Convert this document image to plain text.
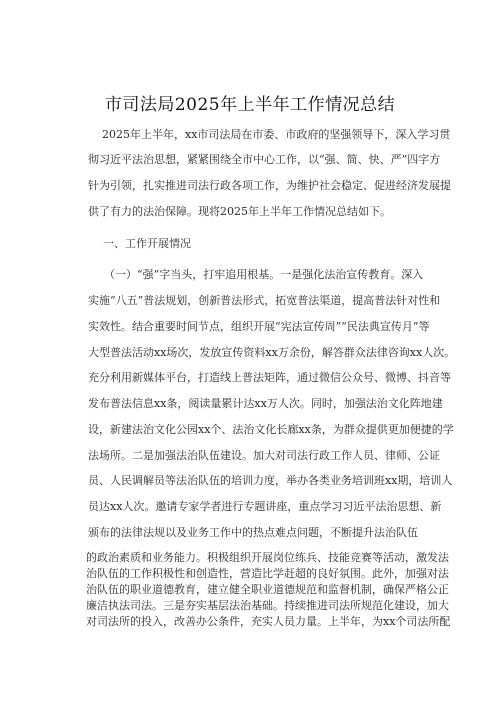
市司法局2025年上半年工作情况总结
2025年上半年，xx市司法局在市委、市政府的坚强领导下，深入学习贯
彻习近平法治思想，紧紧围绕全市中心工作，以“强、简、快、严”四字方
针为引领，扎实推进司法行政各项工作，为维护社会稳定、促进经济发展提
供了有力的法治保障。现将2025年上半年工作情况总结如下。
一、工作开展情况
（一）“强”字当头，打牢追用根基。一是强化法治宣传教育。深入
实施“八五”普法规划，创新普法形式，拓宽普法渠道，提高普法针对性和
实效性。结合重要时间节点，组织开展“宪法宣传周”“民法典宣传月”等
大型普法活动xx场次，发放宣传资料xx万余份，解答群众法律咨询xx人次。
充分利用新媒体平台，打造线上普法矩阵，通过微信公众号、微博、抖音等
发布普法信息xx条，阅读量累计达xx万人次。同时，加强法治文化阵地建
设，新建法治文化公园xx个、法治文化长廊xx条，为群众提供更加便捷的学
法场所。二是加强法治队伍建设。加大对司法行政工作人员、律师、公证
员、人民调解员等法治队伍的培训力度，举办各类业务培训班xx期，培训人
员达xx人次。邀请专家学者进行专题讲座，重点学习习近平法治思想、新
颁布的法律法规以及业务工作中的热点难点问题，不断提升法治队伍
的政治素质和业务能力。积极组织开展岗位练兵、技能竞赛等活动，激发法
治队伍的工作积极性和创造性，营造比学赶超的良好氛围。此外，加强对法
治队伍的职业道德教育，建立健全职业道德规范和监督机制，确保严格公正
廉洁执法司法。三是夯实基层法治基础。持续推进司法所规范化建设，加大
对司法所的投入，改善办公条件，充实人员力量。上半年，为xx个司法所配
